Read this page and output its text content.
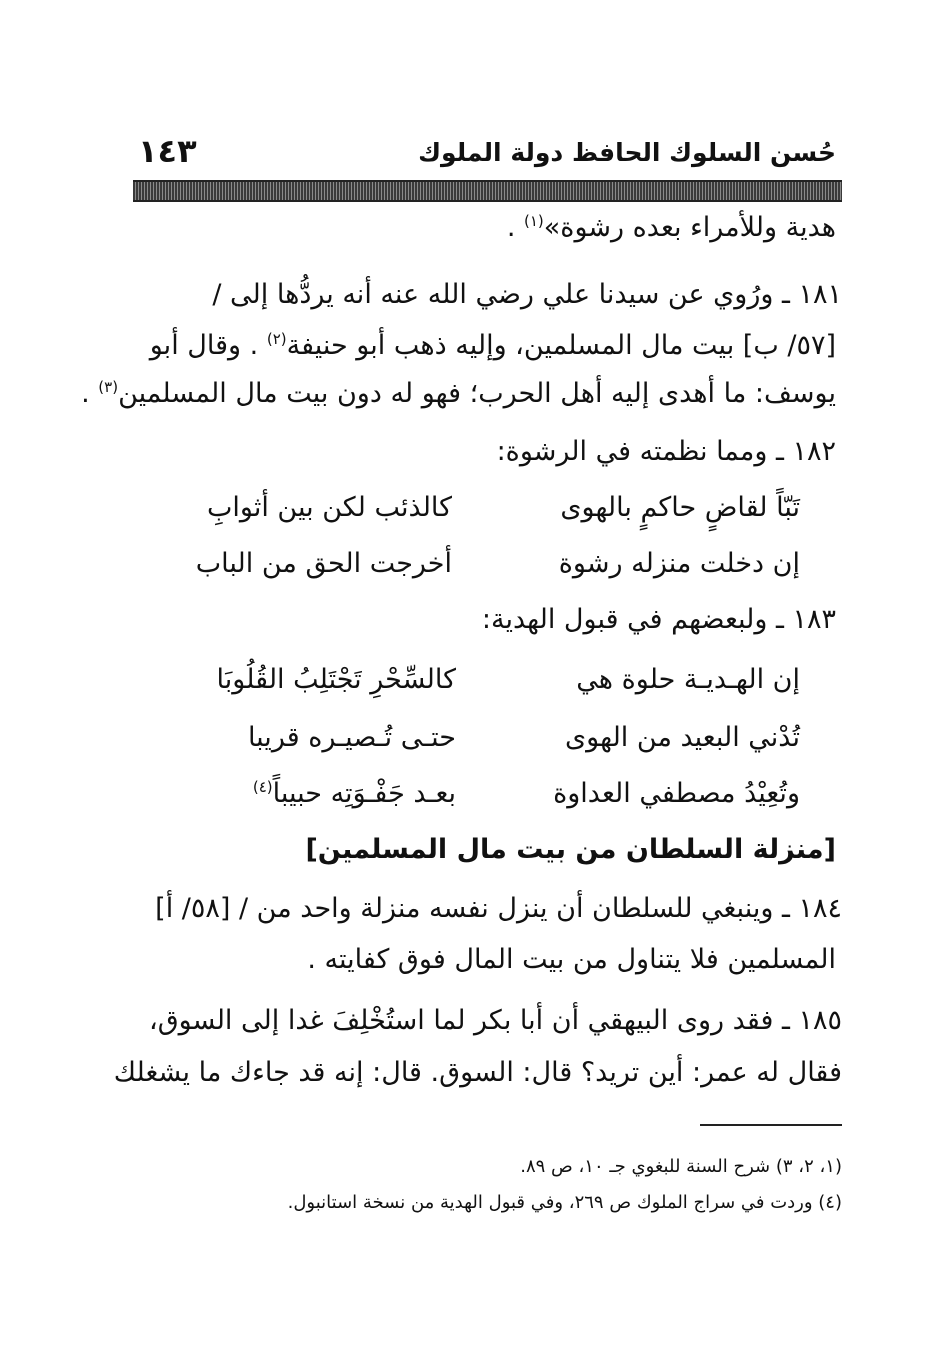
حُسن السلوك الحافظ دولة الملوك
١٤٣
هدية وللأمراء بعده رشوة»$^{(١)}$ .
١٨١ ـ ورُوي عن سيدنا علي رضي الله عنه أنه يردُّها إلى /
[٥٧/ ب] بيت مال المسلمين، وإليه ذهب أبو حنيفة$^{(٢)}$ . وقال أبو
يوسف: ما أهدى إليه أهل الحرب؛ فهو له دون بيت مال المسلمين$^{(٣)}$ .
١٨٢ ـ ومما نظمته في الرشوة:
تَبّاً لقاضٍ حاكمٍ بالهوى
كالذئب لكن بين أثوابِ
إن دخلت منزله رشوة
أخرجت الحق من الباب
١٨٣ ـ ولبعضهم في قبول الهدية:
إن الهـديـة حلوة هي
كالسِّحْرِ تَجْتَلِبُ القُلُوبَا
تُدْني البعيد من الهوى
حتـى تُـصيـره قريبا
وتُعِيْدُ مصطفي العداوة
بعـد جَفْـوَتِه حبيباً$^{(٤)}$
[منزلة السلطان من بيت مال المسلمين]
١٨٤ ـ وينبغي للسلطان أن ينزل نفسه منزلة واحد من / [٥٨/ أ]
المسلمين فلا يتناول من بيت المال فوق كفايته .
١٨٥ ـ فقد روى البيهقي أن أبا بكر لما استُخْلِفَ غدا إلى السوق،
فقال له عمر: أين تريد؟ قال: السوق. قال: إنه قد جاءك ما يشغلك
(١، ٢، ٣) شرح السنة للبغوي جـ ١٠، ص ٨٩.
(٤) وردت في سراج الملوك ص ٢٦٩، وفي قبول الهدية من نسخة استانبول.
